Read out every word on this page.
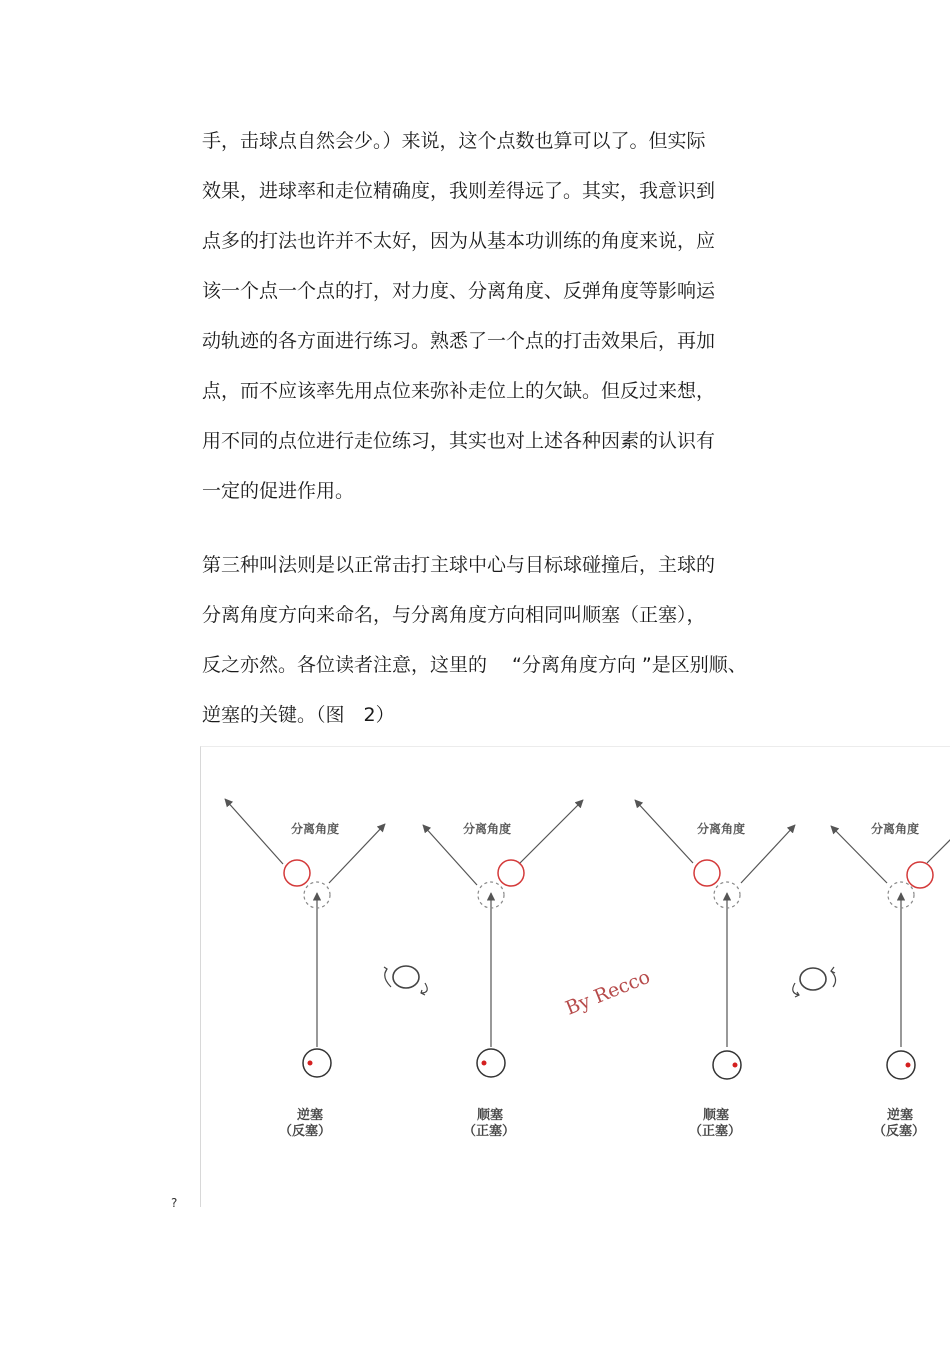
手，击球点自然会少。）来说，这个点数也算可以了。但实际
效果，进球率和走位精确度，我则差得远了。其实，我意识到
点多的打法也许并不太好，因为从基本功训练的角度来说，应
该一个点一个点的打，对力度、分离角度、反弹角度等影响运
动轨迹的各方面进行练习。熟悉了一个点的打击效果后，再加
点，而不应该率先用点位来弥补走位上的欠缺。但反过来想，
用不同的点位进行走位练习，其实也对上述各种因素的认识有
一定的促进作用。
第三种叫法则是以正常击打主球中心与目标球碰撞后，主球的
分离角度方向来命名，与分离角度方向相同叫顺塞（正塞），
反之亦然。各位读者注意，这里的　 “分离角度方向 ”是区别顺、
逆塞的关键。（图　2）
分离角度
逆塞
（反塞）
分离角度
顺塞
（正塞）
By Recco
分离角度
顺塞
（正塞）
分离角度
逆塞
（反塞）
?
